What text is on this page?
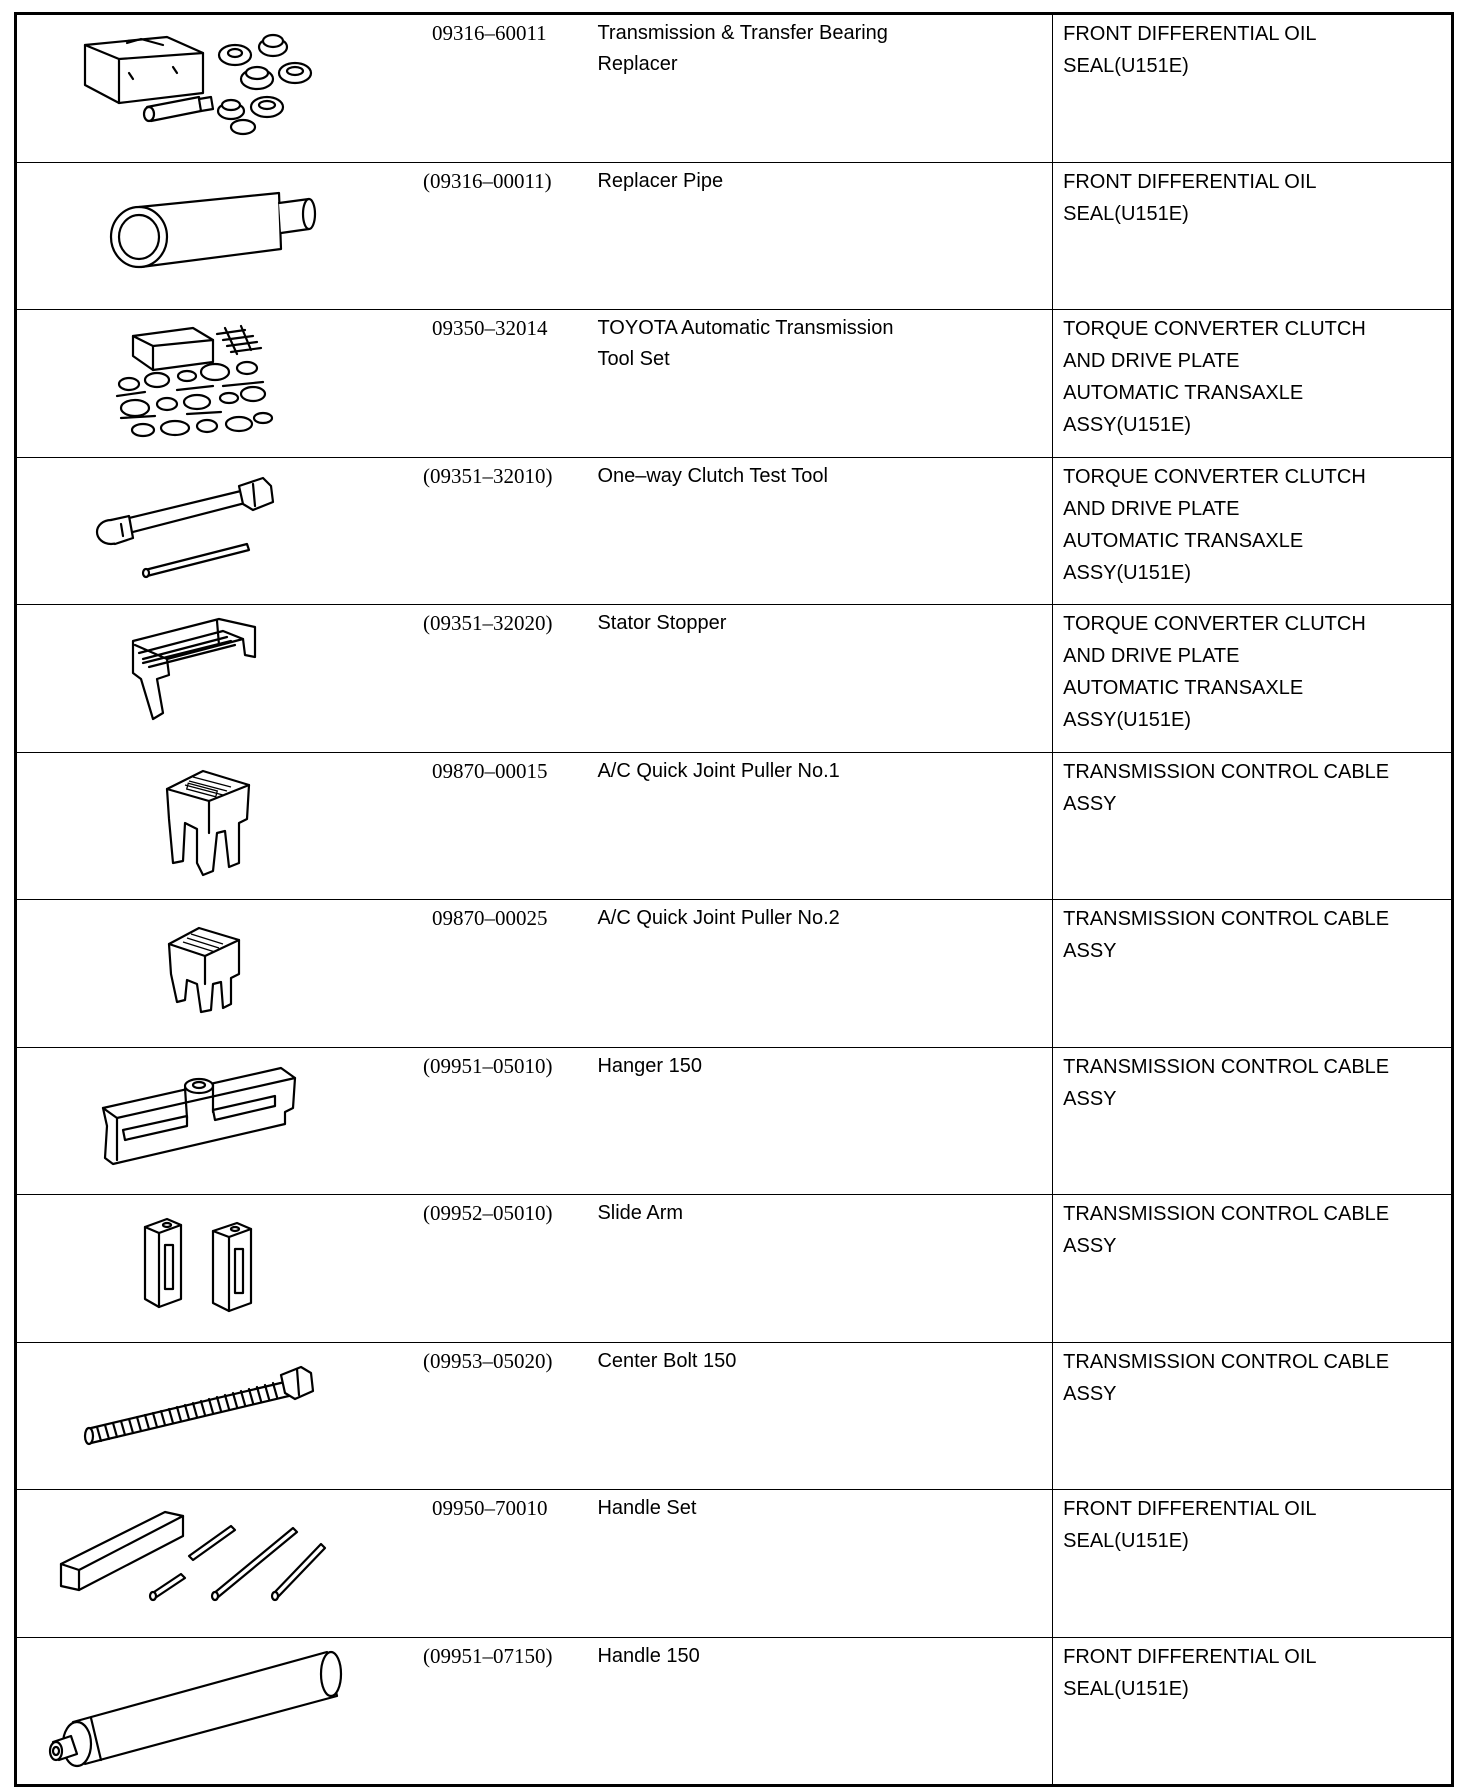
09316–60011	Transmission & Transfer Bearing
Replacer	FRONT DIFFERENTIAL OIL
SEAL(U151E)

(09316–00011)	Replacer Pipe	FRONT DIFFERENTIAL OIL
SEAL(U151E)

09350–32014	TOYOTA Automatic Transmission
Tool Set	TORQUE CONVERTER CLUTCH
AND DRIVE PLATE
AUTOMATIC TRANSAXLE
ASSY(U151E)

(09351–32010)	One–way Clutch Test Tool	TORQUE CONVERTER CLUTCH
AND DRIVE PLATE
AUTOMATIC TRANSAXLE
ASSY(U151E)

(09351–32020)	Stator Stopper	TORQUE CONVERTER CLUTCH
AND DRIVE PLATE
AUTOMATIC TRANSAXLE
ASSY(U151E)

09870–00015	A/C Quick Joint Puller No.1	TRANSMISSION CONTROL CABLE
ASSY

09870–00025	A/C Quick Joint Puller No.2	TRANSMISSION CONTROL CABLE
ASSY

(09951–05010)	Hanger 150	TRANSMISSION CONTROL CABLE
ASSY

(09952–05010)	Slide Arm	TRANSMISSION CONTROL CABLE
ASSY

(09953–05020)	Center Bolt 150	TRANSMISSION CONTROL CABLE
ASSY

09950–70010	Handle Set	FRONT DIFFERENTIAL OIL
SEAL(U151E)

(09951–07150)	Handle 150	FRONT DIFFERENTIAL OIL
SEAL(U151E)
